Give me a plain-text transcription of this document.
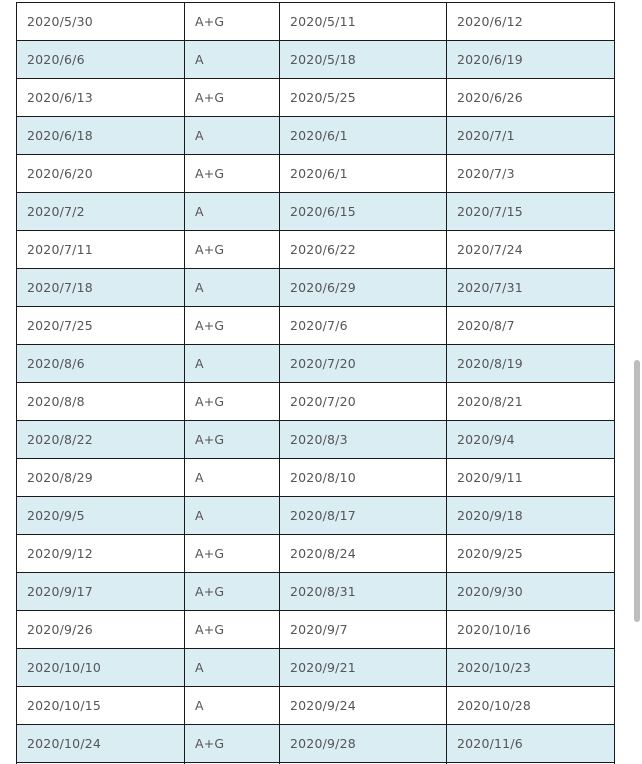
2020/5/30	A+G	2020/5/11	2020/6/12
2020/6/6	A	2020/5/18	2020/6/19
2020/6/13	A+G	2020/5/25	2020/6/26
2020/6/18	A	2020/6/1	2020/7/1
2020/6/20	A+G	2020/6/1	2020/7/3
2020/7/2	A	2020/6/15	2020/7/15
2020/7/11	A+G	2020/6/22	2020/7/24
2020/7/18	A	2020/6/29	2020/7/31
2020/7/25	A+G	2020/7/6	2020/8/7
2020/8/6	A	2020/7/20	2020/8/19
2020/8/8	A+G	2020/7/20	2020/8/21
2020/8/22	A+G	2020/8/3	2020/9/4
2020/8/29	A	2020/8/10	2020/9/11
2020/9/5	A	2020/8/17	2020/9/18
2020/9/12	A+G	2020/8/24	2020/9/25
2020/9/17	A+G	2020/8/31	2020/9/30
2020/9/26	A+G	2020/9/7	2020/10/16
2020/10/10	A	2020/9/21	2020/10/23
2020/10/15	A	2020/9/24	2020/10/28
2020/10/24	A+G	2020/9/28	2020/11/6
